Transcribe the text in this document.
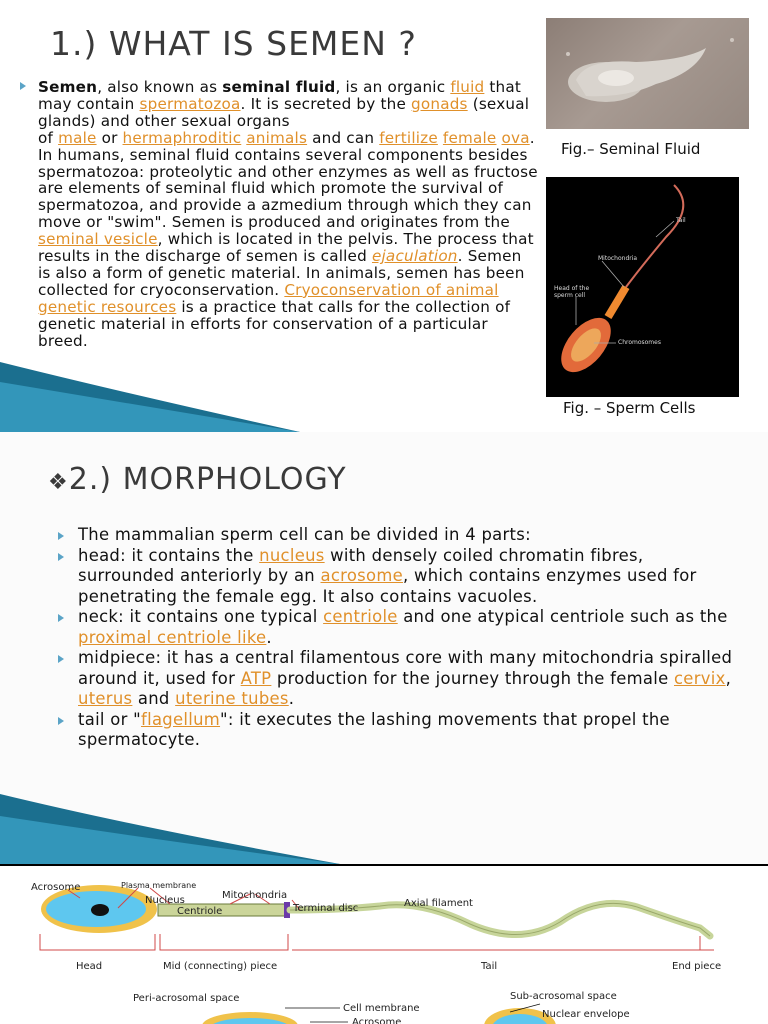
1.) WHAT IS SEMEN ?
Semen, also known as seminal fluid, is an organic fluid that may contain spermatozoa. It is secreted by the gonads (sexual glands) and other sexual organs
of male or hermaphroditic animals and can fertilize female ova. In humans, seminal fluid contains several components besides spermatozoa: proteolytic and other enzymes as well as fructose are elements of seminal fluid which promote the survival of spermatozoa, and provide a azmedium through which they can move or "swim". Semen is produced and originates from the seminal vesicle, which is located in the pelvis. The process that results in the discharge of semen is called ejaculation. Semen is also a form of genetic material. In animals, semen has been collected for cryoconservation. Cryoconservation of animal genetic resources is a practice that calls for the collection of genetic material in efforts for conservation of a particular breed.
Fig.– Seminal Fluid
Tail
Mitochondria
Head of the sperm cell
Chromosomes
Fig. – Sperm Cells
❖2.) MORPHOLOGY
The mammalian sperm cell can be divided in 4 parts:
head: it contains the nucleus with densely coiled chromatin fibres, surrounded anteriorly by an acrosome, which contains enzymes used for penetrating the female egg. It also contains vacuoles.
neck: it contains one typical centriole and one atypical centriole such as the proximal centriole like.
midpiece: it has a central filamentous core with many mitochondria spiralled around it, used for ATP production for the journey through the female cervix, uterus and uterine tubes.
tail or "flagellum": it executes the lashing movements that propel the spermatocyte.
Acrosome	Plasma membrane
Nucleus	Mitochondria
Centriole	Terminal disc	Axial filament
Head	Mid (connecting) piece	Tail	End piece
Peri-acrosomal space
Cell membrane
Acrosome
Sub-acrosomal space
Nuclear envelope
